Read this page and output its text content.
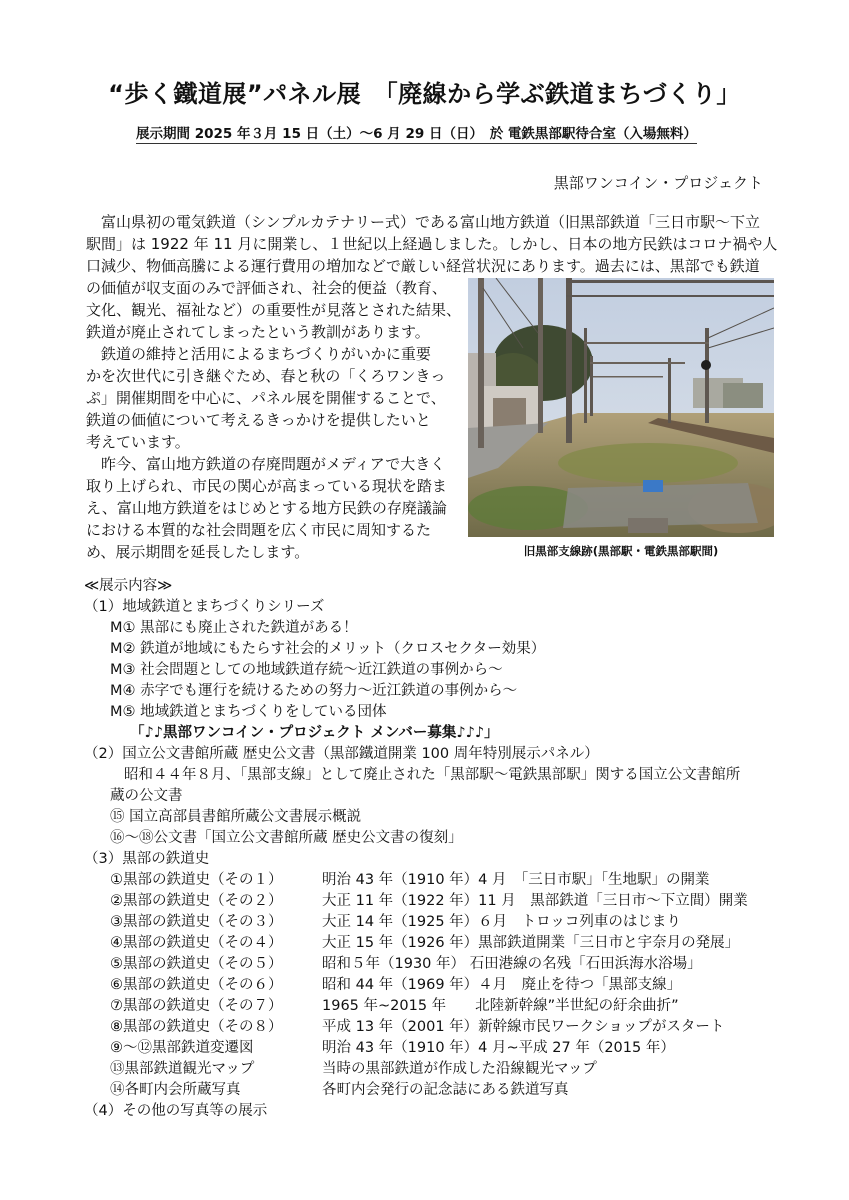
“歩く鐵道展”パネル展　「廃線から学ぶ鉄道まちづくり」
展示期間 2025 年３月 15 日（土）～6 月 29 日（日）　於 電鉄黒部駅待合室（入場無料）
黒部ワンコイン・プロジェクト
　富山県初の電気鉄道（シンプルカテナリー式）である富山地方鉄道（旧黒部鉄道「三日市駅～下立
駅間」は 1922 年 11 月に開業し、１世紀以上経過しました。しかし、日本の地方民鉄はコロナ禍や人
口減少、物価高騰による運行費用の増加などで厳しい経営状況にあります。過去には、黒部でも鉄道
の価値が収支面のみで評価され、社会的便益（教育、
文化、観光、福祉など）の重要性が見落とされた結果、
鉄道が廃止されてしまったという教訓があります。
　鉄道の維持と活用によるまちづくりがいかに重要
かを次世代に引き継ぐため、春と秋の「くろワンきっ
ぷ」開催期間を中心に、パネル展を開催することで、
鉄道の価値について考えるきっかけを提供したいと
考えています。
　昨今、富山地方鉄道の存廃問題がメディアで大きく
取り上げられ、市民の関心が高まっている現状を踏ま
え、富山地方鉄道をはじめとする地方民鉄の存廃議論
における本質的な社会問題を広く市民に周知するた
め、展示期間を延長したします。	旧黒部支線跡(黒部駅・電鉄黒部駅間)
≪展示内容≫
（1）地域鉄道とまちづくりシリーズ
M① 黒部にも廃止された鉄道がある！
M② 鉄道が地域にもたらす社会的メリット（クロスセクター効果）
M③ 社会問題としての地域鉄道存続～近江鉄道の事例から～
M④ 赤字でも運行を続けるための努力～近江鉄道の事例から～
M⑤ 地域鉄道とまちづくりをしている団体
「♪♪黒部ワンコイン・プロジェクト メンバー募集♪♪♪」
（2）国立公文書館所蔵 歴史公文書（黒部鐵道開業 100 周年特別展示パネル）
昭和４４年８月、「黒部支線」として廃止された「黒部駅～電鉄黒部駅」関する国立公文書館所
蔵の公文書
⑮ 国立高部員書館所蔵公文書展示概説
⑯～⑱公文書「国立公文書館所蔵 歴史公文書の復刻」
（3）黒部の鉄道史
①黒部の鉄道史（その１）	明治 43 年（1910 年）4 月　「三日市駅」「生地駅」の開業
②黒部の鉄道史（その２）	大正 11 年（1922 年）11 月　黒部鉄道「三日市～下立間）開業
③黒部の鉄道史（その３）	大正 14 年（1925 年）６月　トロッコ列車のはじまり
④黒部の鉄道史（その４）	大正 15 年（1926 年）黒部鉄道開業「三日市と宇奈月の発展」
⑤黒部の鉄道史（その５）	昭和５年（1930 年） 石田港線の名残「石田浜海水浴場」
⑥黒部の鉄道史（その６）	昭和 44 年（1969 年）４月　廃止を待つ「黒部支線」
⑦黒部の鉄道史（その７）	1965 年~2015 年　　北陸新幹線”半世紀の紆余曲折”
⑧黒部の鉄道史（その８）	平成 13 年（2001 年）新幹線市民ワークショップがスタート
⑨～⑫黒部鉄道変遷図	明治 43 年（1910 年）4 月~平成 27 年（2015 年）
⑬黒部鉄道観光マップ	当時の黒部鉄道が作成した沿線観光マップ
⑭各町内会所蔵写真	各町内会発行の記念誌にある鉄道写真
（4）その他の写真等の展示
